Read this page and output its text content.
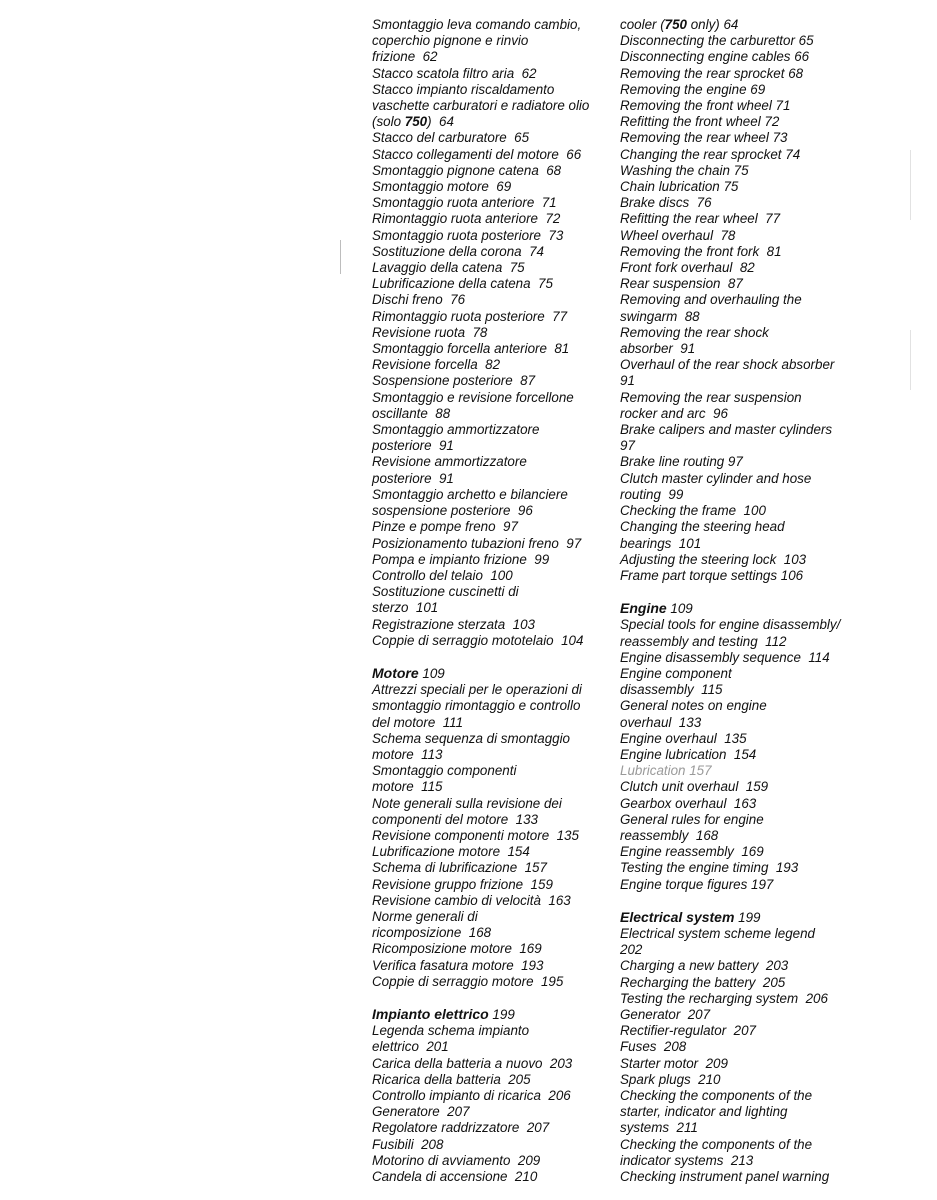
Smontaggio leva comando cambio,
coperchio pignone e rinvio
frizione  62
Stacco scatola filtro aria  62
Stacco impianto riscaldamento
vaschette carburatori e radiatore olio
(solo 750)  64
Stacco del carburatore  65
Stacco collegamenti del motore  66
Smontaggio pignone catena  68
Smontaggio motore  69
Smontaggio ruota anteriore  71
Rimontaggio ruota anteriore  72
Smontaggio ruota posteriore  73
Sostituzione della corona  74
Lavaggio della catena  75
Lubrificazione della catena  75
Dischi freno  76
Rimontaggio ruota posteriore  77
Revisione ruota  78
Smontaggio forcella anteriore  81
Revisione forcella  82
Sospensione posteriore  87
Smontaggio e revisione forcellone
oscillante  88
Smontaggio ammortizzatore
posteriore  91
Revisione ammortizzatore
posteriore  91
Smontaggio archetto e bilanciere
sospensione posteriore  96
Pinze e pompe freno  97
Posizionamento tubazioni freno  97
Pompa e impianto frizione  99
Controllo del telaio  100
Sostituzione cuscinetti di
sterzo  101
Registrazione sterzata  103
Coppie di serraggio mototelaio  104
Motore 109
Attrezzi speciali per le operazioni di
smontaggio rimontaggio e controllo
del motore  111
Schema sequenza di smontaggio
motore  113
Smontaggio componenti
motore  115
Note generali sulla revisione dei
componenti del motore  133
Revisione componenti motore  135
Lubrificazione motore  154
Schema di lubrificazione  157
Revisione gruppo frizione  159
Revisione cambio di velocità  163
Norme generali di
ricomposizione  168
Ricomposizione motore  169
Verifica fasatura motore  193
Coppie di serraggio motore  195
Impianto elettrico 199
Legenda schema impianto
elettrico  201
Carica della batteria a nuovo  203
Ricarica della batteria  205
Controllo impianto di ricarica  206
Generatore  207
Regolatore raddrizzatore  207
Fusibili  208
Motorino di avviamento  209
Candela di accensione  210
cooler (750 only) 64
Disconnecting the carburettor 65
Disconnecting engine cables 66
Removing the rear sprocket 68
Removing the engine 69
Removing the front wheel 71
Refitting the front wheel 72
Removing the rear wheel 73
Changing the rear sprocket 74
Washing the chain 75
Chain lubrication 75
Brake discs  76
Refitting the rear wheel  77
Wheel overhaul  78
Removing the front fork  81
Front fork overhaul  82
Rear suspension  87
Removing and overhauling the
swingarm  88
Removing the rear shock
absorber  91
Overhaul of the rear shock absorber
91
Removing the rear suspension
rocker and arc  96
Brake calipers and master cylinders
97
Brake line routing 97
Clutch master cylinder and hose
routing  99
Checking the frame  100
Changing the steering head
bearings  101
Adjusting the steering lock  103
Frame part torque settings 106
Engine 109
Special tools for engine disassembly/
reassembly and testing  112
Engine disassembly sequence  114
Engine component
disassembly  115
General notes on engine
overhaul  133
Engine overhaul  135
Engine lubrication  154
Lubrication 157
Clutch unit overhaul  159
Gearbox overhaul  163
General rules for engine
reassembly  168
Engine reassembly  169
Testing the engine timing  193
Engine torque figures 197
Electrical system 199
Electrical system scheme legend
202
Charging a new battery  203
Recharging the battery  205
Testing the recharging system  206
Generator  207
Rectifier-regulator  207
Fuses  208
Starter motor  209
Spark plugs  210
Checking the components of the
starter, indicator and lighting
systems  211
Checking the components of the
indicator systems  213
Checking instrument panel warning
